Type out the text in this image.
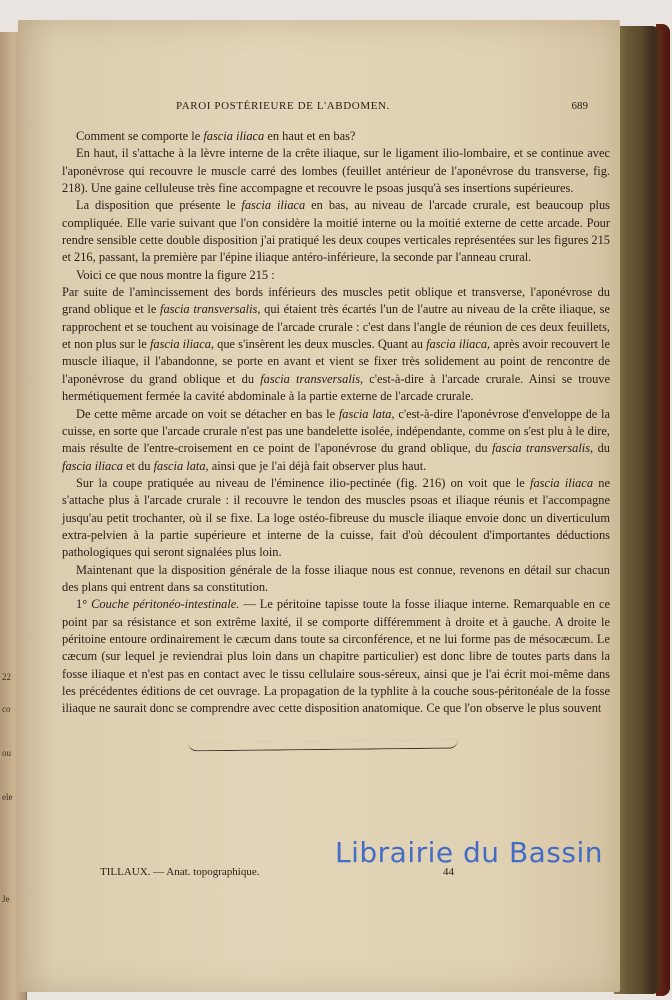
22
co
ou
ele
Je
PAROI POSTÉRIEURE DE L'ABDOMEN.	689

Comment se comporte le fascia iliaca en haut et en bas?

En haut, il s'attache à la lèvre interne de la crête iliaque, sur le ligament ilio-lombaire, et se continue avec l'aponévrose qui recouvre le muscle carré des lombes (feuillet antérieur de l'aponévrose du transverse, fig. 218). Une gaine celluleuse très fine accompagne et recouvre le psoas jusqu'à ses insertions supérieures.

La disposition que présente le fascia iliaca en bas, au niveau de l'arcade crurale, est beaucoup plus compliquée. Elle varie suivant que l'on considère la moitié interne ou la moitié externe de cette arcade. Pour rendre sensible cette double disposition j'ai pratiqué les deux coupes verticales représentées sur les figures 215 et 216, passant, la première par l'épine iliaque antéro-inférieure, la seconde par l'anneau crural.

Voici ce que nous montre la figure 215 :

Par suite de l'amincissement des bords inférieurs des muscles petit oblique et transverse, l'aponévrose du grand oblique et le fascia transversalis, qui étaient très écartés l'un de l'autre au niveau de la crête iliaque, se rapprochent et se touchent au voisinage de l'arcade crurale : c'est dans l'angle de réunion de ces deux feuillets, et non plus sur le fascia iliaca, que s'insèrent les deux muscles. Quant au fascia iliaca, après avoir recouvert le muscle iliaque, il l'abandonne, se porte en avant et vient se fixer très solidement au point de rencontre de l'aponévrose du grand oblique et du fascia transversalis, c'est-à-dire à l'arcade crurale. Ainsi se trouve hermétiquement fermée la cavité abdominale à la partie externe de l'arcade crurale.

De cette même arcade on voit se détacher en bas le fascia lata, c'est-à-dire l'aponévrose d'enveloppe de la cuisse, en sorte que l'arcade crurale n'est pas une bandelette isolée, indépendante, comme on s'est plu à le dire, mais résulte de l'entre-croisement en ce point de l'aponévrose du grand oblique, du fascia transversalis, du fascia iliaca et du fascia lata, ainsi que je l'ai déjà fait observer plus haut.

Sur la coupe pratiquée au niveau de l'éminence ilio-pectinée (fig. 216) on voit que le fascia iliaca ne s'attache plus à l'arcade crurale : il recouvre le tendon des muscles psoas et iliaque réunis et l'accompagne jusqu'au petit trochanter, où il se fixe. La loge ostéo-fibreuse du muscle iliaque envoie donc un diverticulum extra-pelvien à la partie supérieure et interne de la cuisse, fait d'où découlent d'importantes déductions pathologiques qui seront signalées plus loin.

Maintenant que la disposition générale de la fosse iliaque nous est connue, revenons en détail sur chacun des plans qui entrent dans sa constitution.

1° Couche péritonéo-intestinale. — Le péritoine tapisse toute la fosse iliaque interne. Remarquable en ce point par sa résistance et son extrême laxité, il se comporte différemment à droite et à gauche. A droite le péritoine entoure ordinairement le cæcum dans toute sa circonférence, et ne lui forme pas de mésocæcum. Le cæcum (sur lequel je reviendrai plus loin dans un chapitre particulier) est donc libre de toutes parts dans la fosse iliaque et n'est pas en contact avec le tissu cellulaire sous-séreux, ainsi que je l'ai écrit moi-même dans les précédentes éditions de cet ouvrage. La propagation de la typhlite à la couche sous-péritonéale de la fosse iliaque ne saurait donc se comprendre avec cette disposition anatomique. Ce que l'on observe le plus souvent

TILLAUX. — Anat. topographique.	44
Librairie du Bassin
